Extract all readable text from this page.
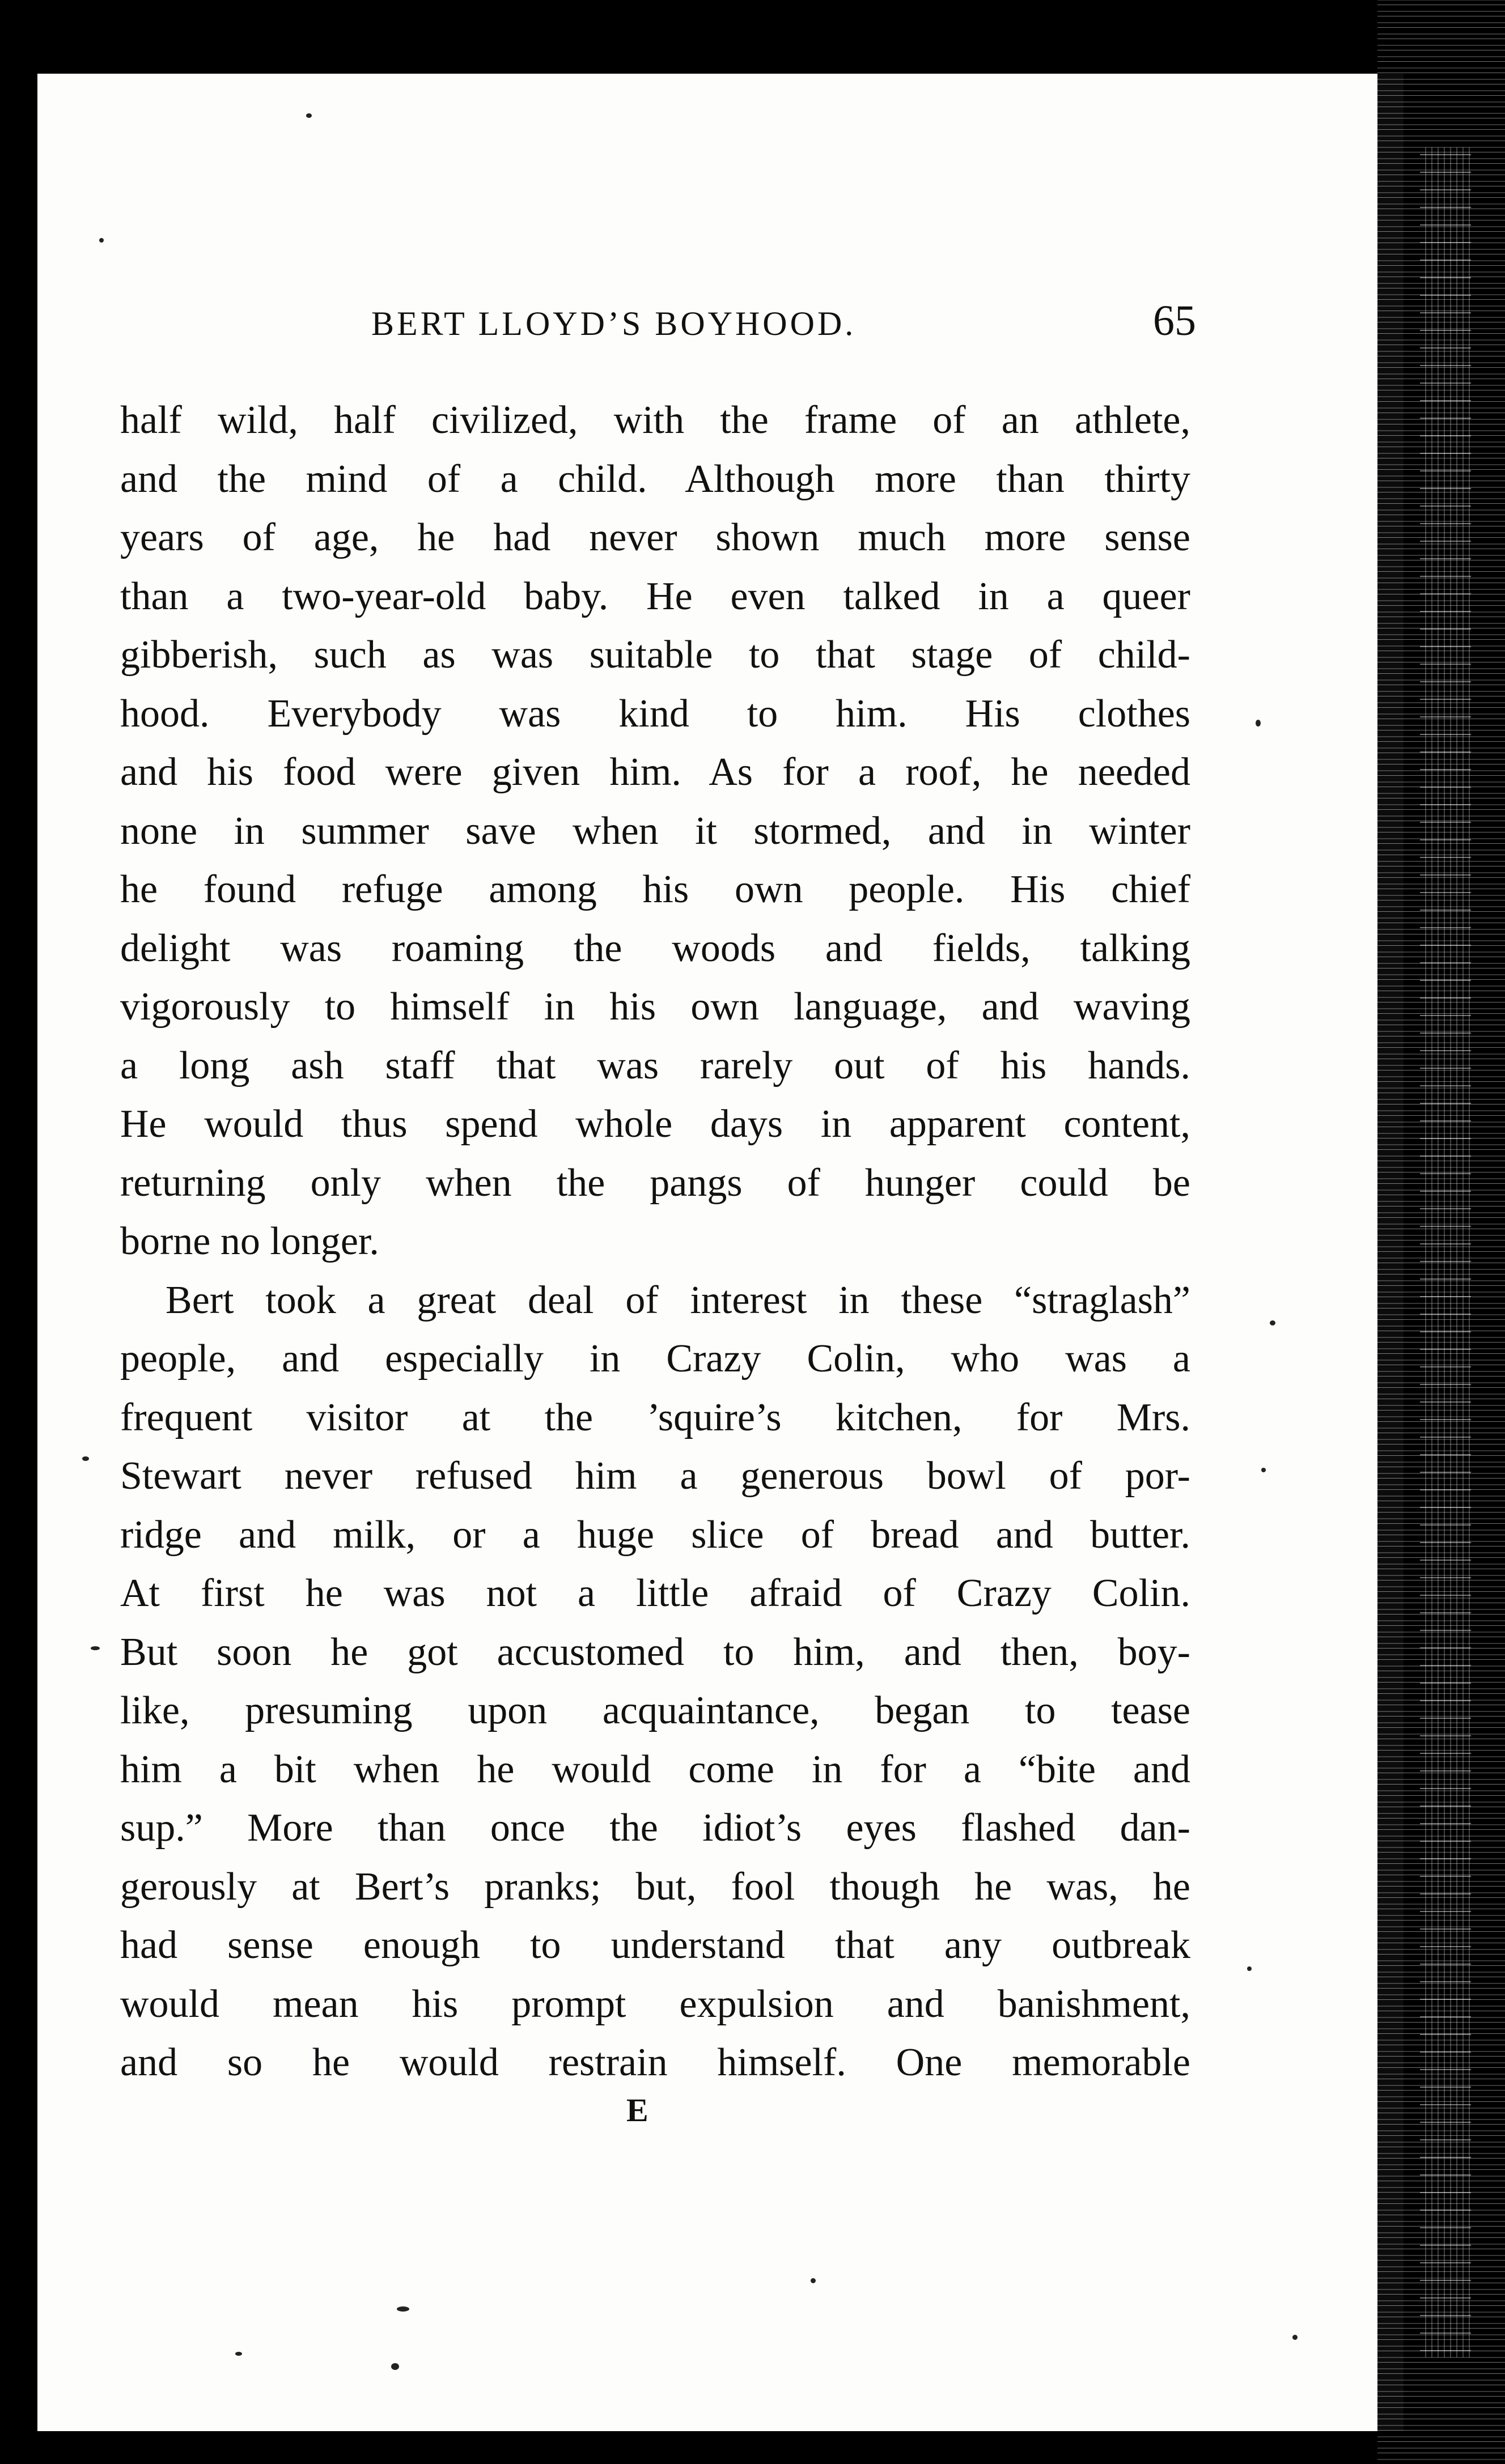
BERT LLOYD’S BOYHOOD.	65
half wild, half civilized, with the frame of an athlete,
and the mind of a child. Although more than thirty
years of age, he had never shown much more sense
than a two-year-old baby. He even talked in a queer
gibberish, such as was suitable to that stage of child-
hood. Everybody was kind to him. His clothes
and his food were given him. As for a roof, he needed
none in summer save when it stormed, and in winter
he found refuge among his own people. His chief
delight was roaming the woods and fields, talking
vigorously to himself in his own language, and waving
a long ash staff that was rarely out of his hands.
He would thus spend whole days in apparent content,
returning only when the pangs of hunger could be
borne no longer.
Bert took a great deal of interest in these “straglash”
people, and especially in Crazy Colin, who was a
frequent visitor at the ’squire’s kitchen, for Mrs.
Stewart never refused him a generous bowl of por-
ridge and milk, or a huge slice of bread and butter.
At first he was not a little afraid of Crazy Colin.
But soon he got accustomed to him, and then, boy-
like, presuming upon acquaintance, began to tease
him a bit when he would come in for a “bite and
sup.” More than once the idiot’s eyes flashed dan-
gerously at Bert’s pranks; but, fool though he was, he
had sense enough to understand that any outbreak
would mean his prompt expulsion and banishment,
and so he would restrain himself. One memorable
E
